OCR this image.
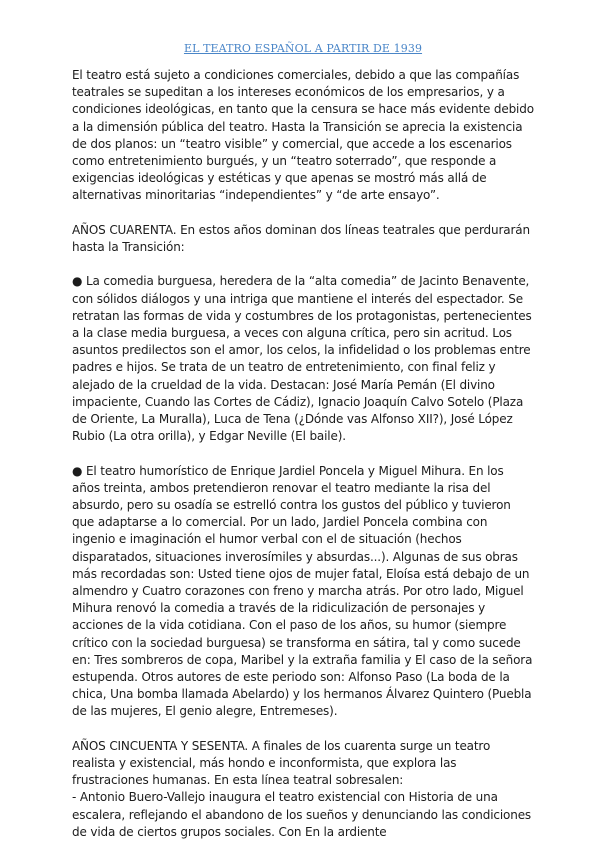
EL TEATRO ESPAÑOL A PARTIR DE 1939

El teatro está sujeto a condiciones comerciales, debido a que las compañías teatrales se supeditan a los intereses económicos de los empresarios, y a condiciones ideológicas, en tanto que la censura se hace más evidente debido a la dimensión pública del teatro. Hasta la Transición se aprecia la existencia de dos planos: un “teatro visible” y comercial, que accede a los escenarios como entretenimiento burgués, y un “teatro soterrado”, que responde a exigencias ideológicas y estéticas y que apenas se mostró más allá de alternativas minoritarias “independientes” y “de arte ensayo”.

AÑOS CUARENTA. En estos años dominan dos líneas teatrales que perdurarán hasta la Transición:

● La comedia burguesa, heredera de la “alta comedia” de Jacinto Benavente, con sólidos diálogos y una intriga que mantiene el interés del espectador. Se retratan las formas de vida y costumbres de los protagonistas, pertenecientes a la clase media burguesa, a veces con alguna crítica, pero sin acritud. Los asuntos predilectos son el amor, los celos, la infidelidad o los problemas entre padres e hijos. Se trata de un teatro de entretenimiento, con final feliz y alejado de la crueldad de la vida. Destacan: José María Pemán (El divino impaciente, Cuando las Cortes de Cádiz), Ignacio Joaquín Calvo Sotelo (Plaza de Oriente, La Muralla), Luca de Tena (¿Dónde vas Alfonso XII?), José López Rubio (La otra orilla), y Edgar Neville (El baile).

● El teatro humorístico de Enrique Jardiel Poncela y Miguel Mihura. En los años treinta, ambos pretendieron renovar el teatro mediante la risa del absurdo, pero su osadía se estrelló contra los gustos del público y tuvieron que adaptarse a lo comercial. Por un lado, Jardiel Poncela combina con ingenio e imaginación el humor verbal con el de situación (hechos disparatados, situaciones inverosímiles y absurdas...). Algunas de sus obras más recordadas son: Usted tiene ojos de mujer fatal, Eloísa está debajo de un almendro y Cuatro corazones con freno y marcha atrás. Por otro lado, Miguel Mihura renovó la comedia a través de la ridiculización de personajes y acciones de la vida cotidiana. Con el paso de los años, su humor (siempre crítico con la sociedad burguesa) se transforma en sátira, tal y como sucede en: Tres sombreros de copa, Maribel y la extraña familia y El caso de la señora estupenda. Otros autores de este periodo son: Alfonso Paso (La boda de la chica, Una bomba llamada Abelardo) y los hermanos Álvarez Quintero (Puebla de las mujeres, El genio alegre, Entremeses).

AÑOS CINCUENTA Y SESENTA. A finales de los cuarenta surge un teatro realista y existencial, más hondo e inconformista, que explora las frustraciones humanas. En esta línea teatral sobresalen:

- Antonio Buero-Vallejo inaugura el teatro existencial con Historia de una escalera, reflejando el abandono de los sueños y denunciando las condiciones de vida de ciertos grupos sociales. Con En la ardiente
